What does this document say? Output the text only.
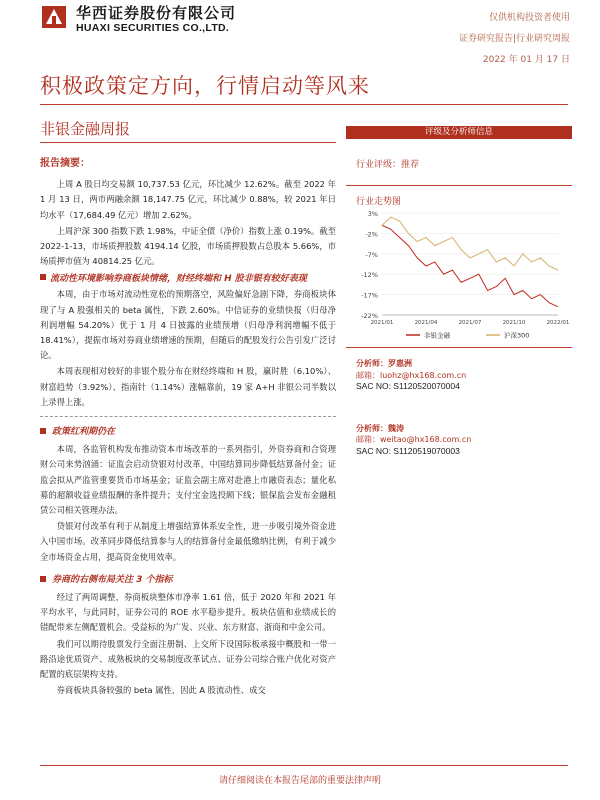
华西证券股份有限公司
HUAXI SECURITIES CO.,LTD.
仅供机构投资者使用
证券研究报告|行业研究周报
2022 年 01 月 17 日
积极政策定方向，行情启动等风来
非银金融周报
报告摘要：
上周 A 股日均交易额 10,737.53 亿元，环比减少 12.62%。截至 2022 年 1 月 13 日，两市两融余额 18,147.75 亿元，环比减少 0.88%，较 2021 年日均水平（17,684.49 亿元）增加 2.62%。
上周沪深 300 指数下跌 1.98%，中证全债（净价）指数上涨 0.19%。截至 2022-1-13，市场质押股数 4194.14 亿股，市场质押股数占总股本 5.66%，市场质押市值为 40814.25 亿元。
流动性环境影响券商板块情绪，财经终端和 H 股非银有较好表现
本周，由于市场对流动性宽松的预期落空，风险偏好急剧下降，券商板块体现了与 A 股强相关的 beta 属性，下跌 2.60%。中信证券的业绩快报（归母净利润增幅 54.20%）优于 1 月 4 日披露的业绩预增（归母净利润增幅不低于 18.41%），提振市场对券商业绩增速的预期，但随后的配股发行公告引发广泛讨论。
本周表现相对较好的非银个股分布在财经终端和 H 股，赢时胜（6.10%）、财富趋势（3.92%）、指南针（1.14%）涨幅靠前，19 家 A+H 非银公司半数以上录得上涨。
政策红利期仍在
本周，各监管机构发布推动资本市场改革的一系列指引，外资券商和合资理财公司来势汹涌：证监会启动贷银对付改革，中国结算同步降低结算备付金；证监会拟从严监管重要货币市场基金；证监会副主席对赴港上市融资表态；量化私募的超额收益业绩报酬的条件提升；支付宝金选投顾下线；银保监会发布金融租赁公司相关管理办法。
贷银对付改革有利于从制度上增强结算体系安全性，进一步吸引境外资金进入中国市场。改革同步降低结算参与人的结算备付金最低缴纳比例，有利于减少全市场资金占用，提高资金使用效率。
券商的右侧布局关注 3 个指标
经过了两周调整，券商板块整体市净率 1.61 倍，低于 2020 年和 2021 年平均水平，与此同时，证券公司的 ROE 水平稳步提升。板块估值和业绩成长的错配带来左侧配置机会。受益标的为广发、兴业、东方财富、浙商和中金公司。
我们可以期待股票发行全面注册制、上交所下设国际板承接中概股和一带一路沿途优质资产、成熟板块的交易制度改革试点、证券公司综合账户优化对资产配置的底层架构支持。
券商板块具备较强的 beta 属性，因此 A 股流动性、成交
评级及分析师信息
行业评级：推荐
行业走势图
3%
-2%
-7%
-12%
-17%
-22%
2021/01	2021/04	2021/07	2021/10	2022/01
非银金融	沪深300
分析师：罗惠洲
邮箱：luohz@hx168.com.cn
SAC NO: S1120520070004
分析师：魏涛
邮箱：weitao@hx168.com.cn
SAC NO: S1120519070003
请仔细阅读在本报告尾部的重要法律声明
